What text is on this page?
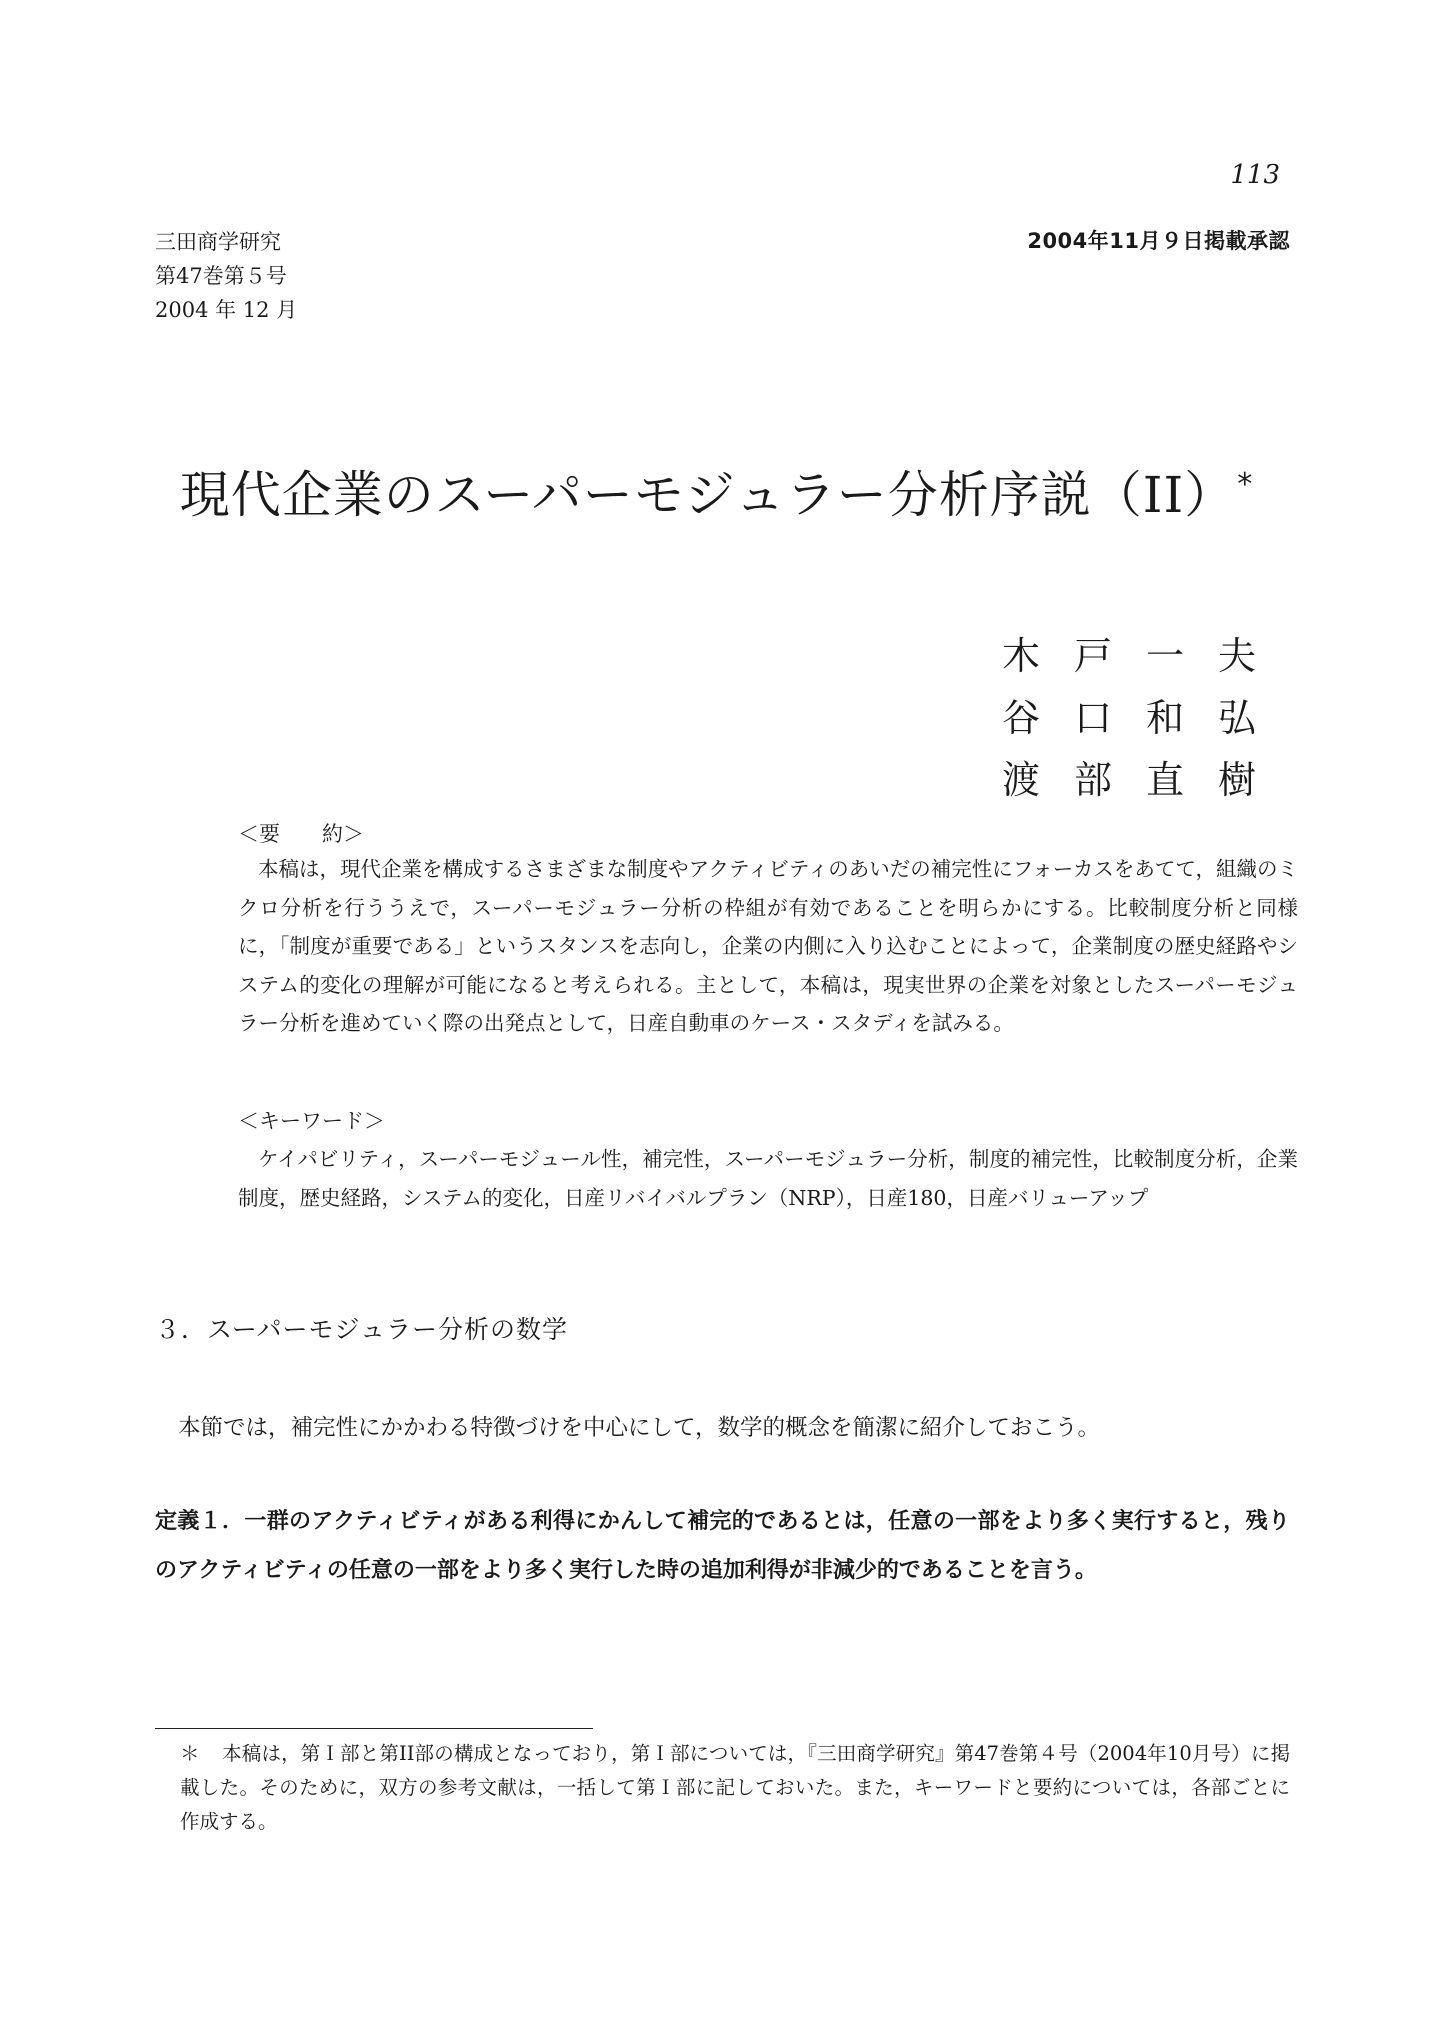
113
三田商学研究
第47巻第５号
2004 年 12 月
2004年11月９日掲載承認
現代企業のスーパーモジュラー分析序説（II）*
木 戸 一 夫
谷 口 和 弘
渡 部 直 樹
＜要　　約＞
本稿は，現代企業を構成するさまざまな制度やアクティビティのあいだの補完性にフォーカスをあてて，組織のミクロ分析を行ううえで，スーパーモジュラー分析の枠組が有効であることを明らかにする。比較制度分析と同様に，「制度が重要である」というスタンスを志向し，企業の内側に入り込むことによって，企業制度の歴史経路やシステム的変化の理解が可能になると考えられる。主として，本稿は，現実世界の企業を対象としたスーパーモジュラー分析を進めていく際の出発点として，日産自動車のケース・スタディを試みる。
＜キーワード＞
ケイパビリティ，スーパーモジュール性，補完性，スーパーモジュラー分析，制度的補完性，比較制度分析，企業制度，歴史経路，システム的変化，日産リバイバルプラン（NRP），日産180，日産バリューアップ
３．スーパーモジュラー分析の数学
本節では，補完性にかかわる特徴づけを中心にして，数学的概念を簡潔に紹介しておこう。
定義１．一群のアクティビティがある利得にかんして補完的であるとは，任意の一部をより多く実行すると，残りのアクティビティの任意の一部をより多く実行した時の追加利得が非減少的であることを言う。
＊ 本稿は，第Ｉ部と第II部の構成となっており，第Ｉ部については，『三田商学研究』第47巻第４号（2004年10月号）に掲載した。そのために，双方の参考文献は，一括して第Ｉ部に記しておいた。また，キーワードと要約については，各部ごとに作成する。
